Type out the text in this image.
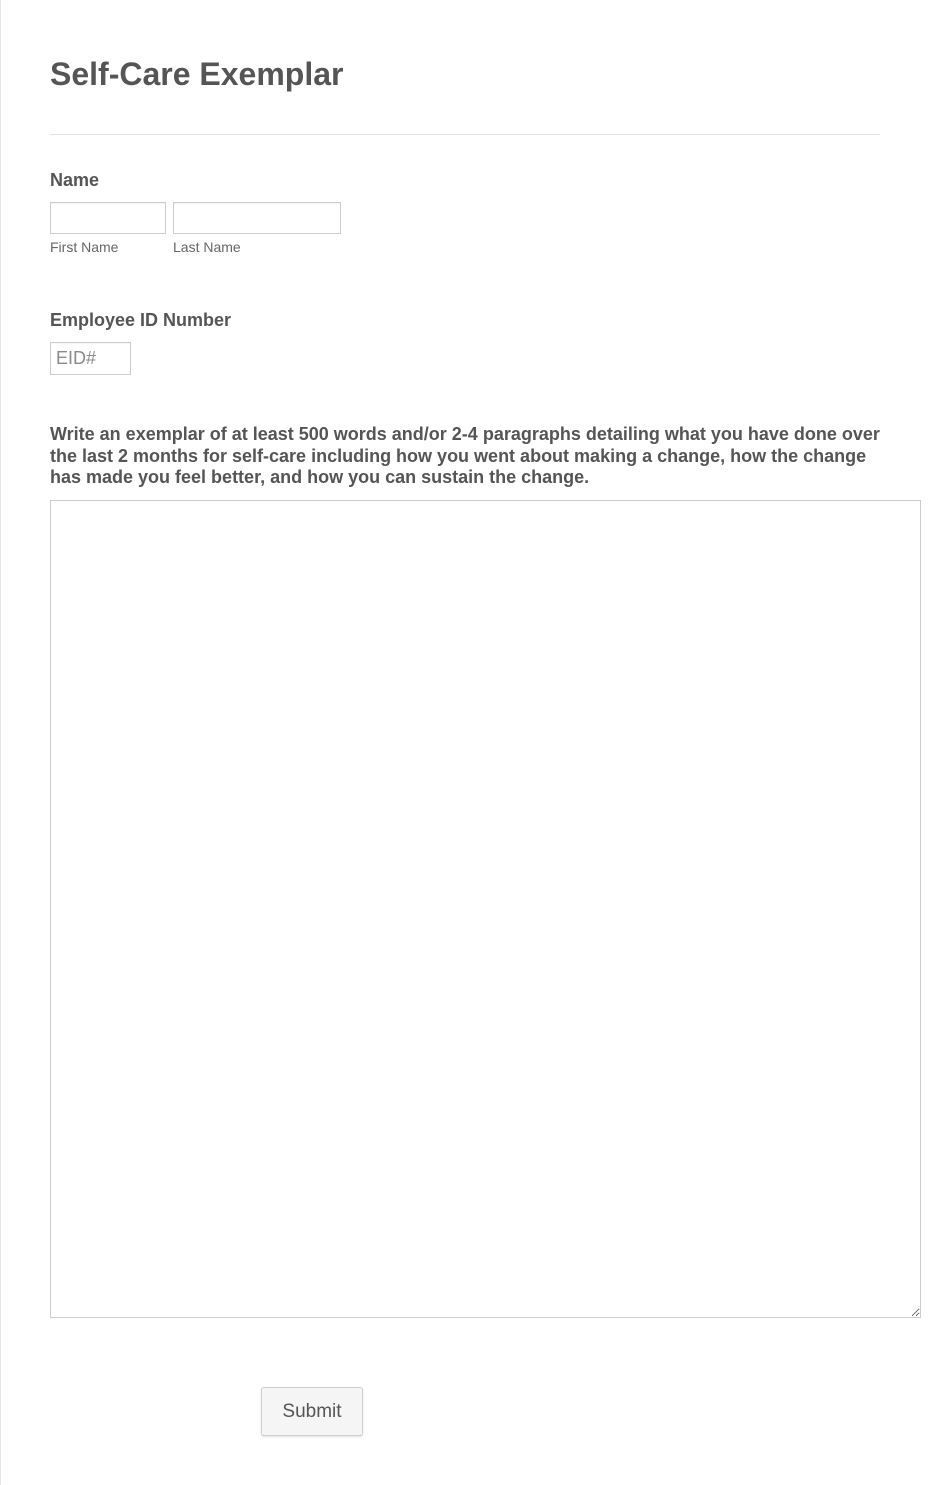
Self-Care Exemplar
Name
First Name	Last Name
Employee ID Number
EID#
Write an exemplar of at least 500 words and/or 2-4 paragraphs detailing what you have done over the last 2 months for self-care including how you went about making a change, how the change has made you feel better, and how you can sustain the change.
Submit
